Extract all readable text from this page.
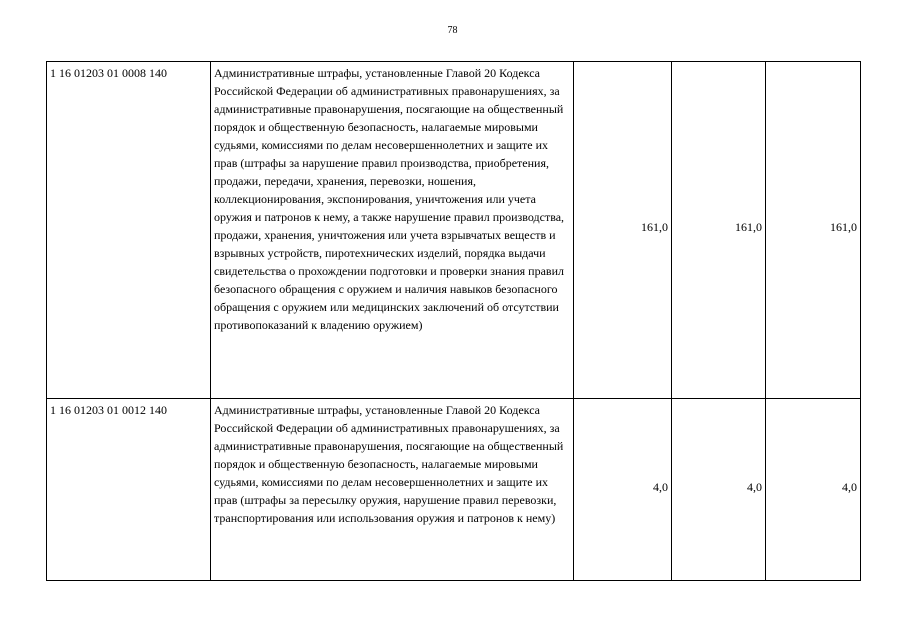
78
1 16 01203 01 0008 140	Административные штрафы, установленные Главой 20 Кодекса Российской Федерации об административных правонарушениях, за административные правонарушения, посягающие на общественный порядок и общественную безопасность, налагаемые мировыми судьями, комиссиями по делам несовершеннолетних и защите их прав (штрафы за нарушение правил производства, приобретения, продажи, передачи, хранения, перевозки, ношения, коллекционирования, экспонирования, уничтожения или учета оружия и патронов к нему, а также нарушение правил производства, продажи, хранения, уничтожения или учета взрывчатых веществ и взрывных устройств, пиротехнических изделий, порядка выдачи свидетельства о прохождении подготовки и проверки знания правил безопасного обращения с оружием и наличия навыков безопасного обращения с оружием или медицинских заключений об отсутствии противопоказаний к владению оружием)	161,0	161,0	161,0
1 16 01203 01 0012 140	Административные штрафы, установленные Главой 20 Кодекса Российской Федерации об административных правонарушениях, за административные правонарушения, посягающие на общественный порядок и общественную безопасность, налагаемые мировыми судьями, комиссиями по делам несовершеннолетних и защите их прав (штрафы за пересылку оружия, нарушение правил перевозки, транспортирования или использования оружия и патронов к нему)	4,0	4,0	4,0
